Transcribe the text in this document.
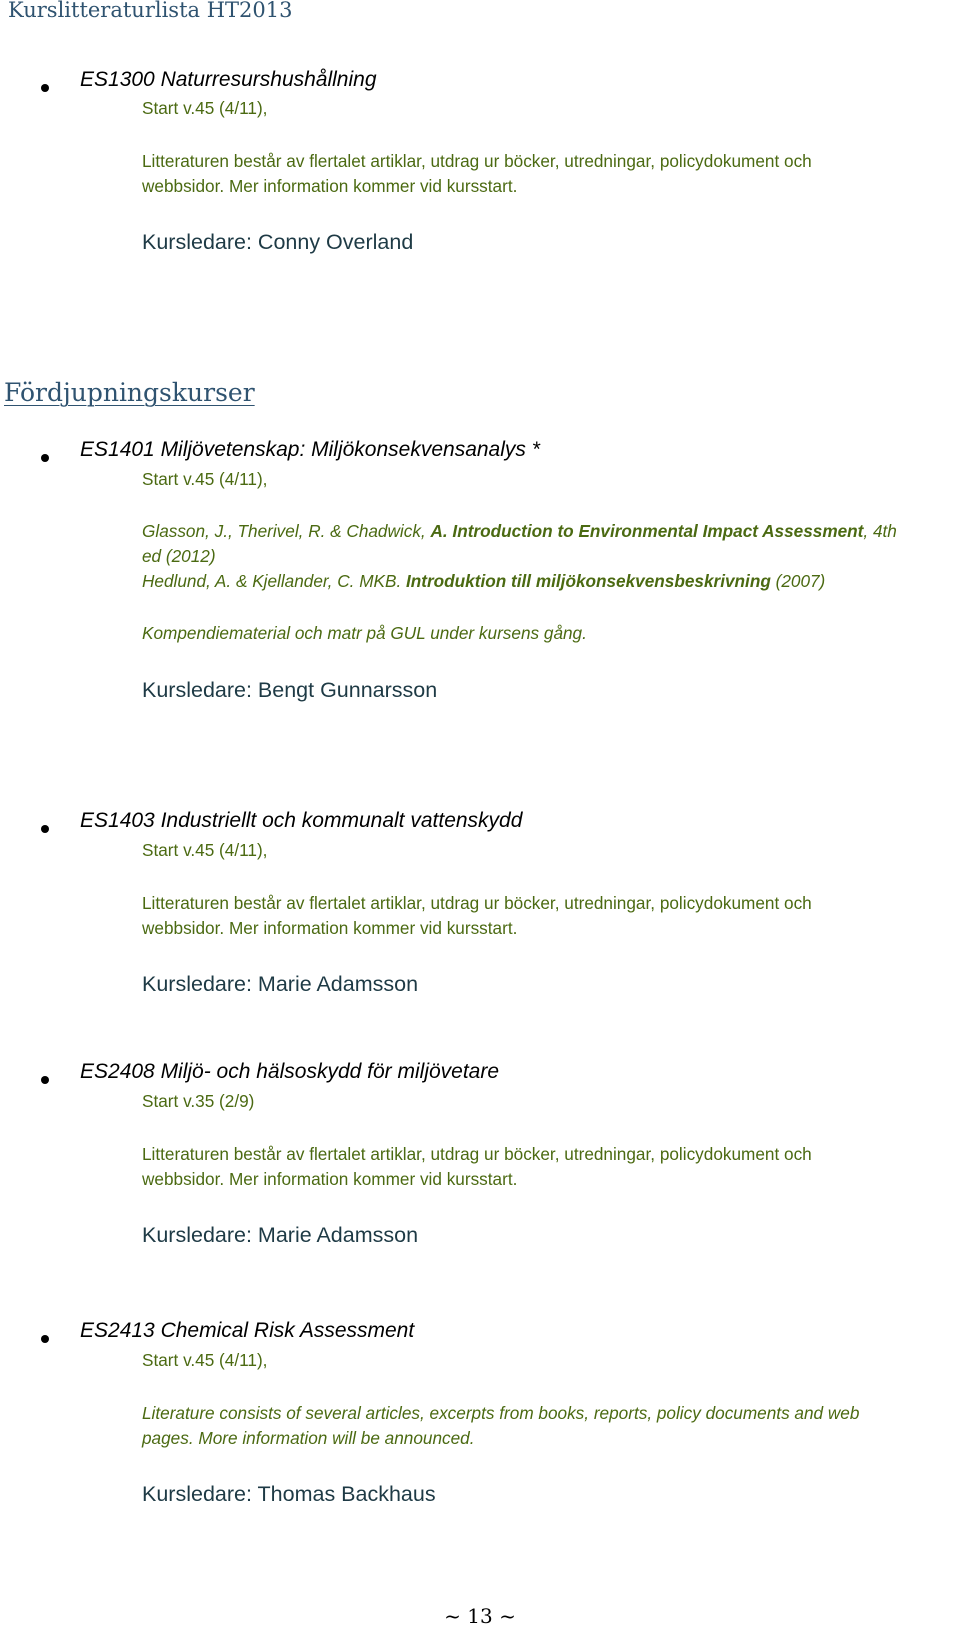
Kurslitteraturlista HT2013
ES1300 Naturresurshushållning
Start v.45 (4/11),
Litteraturen består av flertalet artiklar, utdrag ur böcker, utredningar, policydokument och
webbsidor. Mer information kommer vid kursstart.
Kursledare: Conny Overland
Fördjupningskurser
ES1401 Miljövetenskap: Miljökonsekvensanalys *
Start v.45 (4/11),
Glasson, J., Therivel, R. & Chadwick, A. Introduction to Environmental Impact Assessment, 4th
ed (2012)
Hedlund, A. & Kjellander, C. MKB. Introduktion till miljökonsekvensbeskrivning (2007)
Kompendiematerial och matr på GUL under kursens gång.
Kursledare: Bengt Gunnarsson
ES1403 Industriellt och kommunalt vattenskydd
Start v.45 (4/11),
Litteraturen består av flertalet artiklar, utdrag ur böcker, utredningar, policydokument och
webbsidor. Mer information kommer vid kursstart.
Kursledare: Marie Adamsson
ES2408 Miljö- och hälsoskydd för miljövetare
Start v.35 (2/9)
Litteraturen består av flertalet artiklar, utdrag ur böcker, utredningar, policydokument och
webbsidor. Mer information kommer vid kursstart.
Kursledare: Marie Adamsson
ES2413 Chemical Risk Assessment
Start v.45 (4/11),
Literature consists of several articles, excerpts from books, reports, policy documents and web
pages. More information will be announced.
Kursledare: Thomas Backhaus
~ 13 ~
